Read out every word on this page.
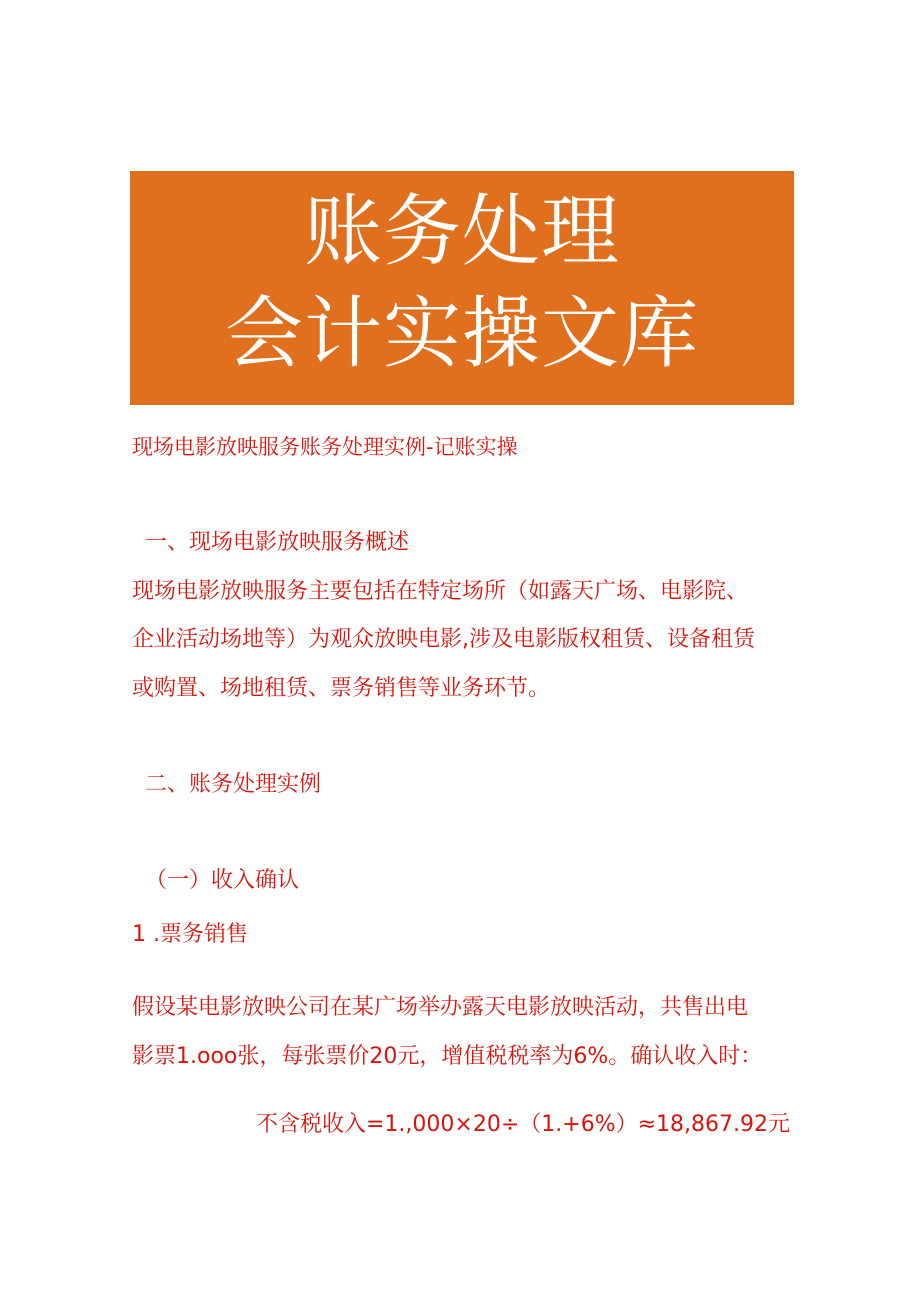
账务处理
会计实操文库
现场电影放映服务账务处理实例-记账实操
一、现场电影放映服务概述
现场电影放映服务主要包括在特定场所（如露天广场、电影院、
企业活动场地等）为观众放映电影,涉及电影版权租赁、设备租赁
或购置、场地租赁、票务销售等业务环节。
二、账务处理实例
（一）收入确认
1 .票务销售
假设某电影放映公司在某广场举办露天电影放映活动，共售出电
影票1.ooo张，每张票价20元，增值税税率为6%。确认收入时：
不含税收入=1.,000×20÷（1.+6%）≈18,867.92元
